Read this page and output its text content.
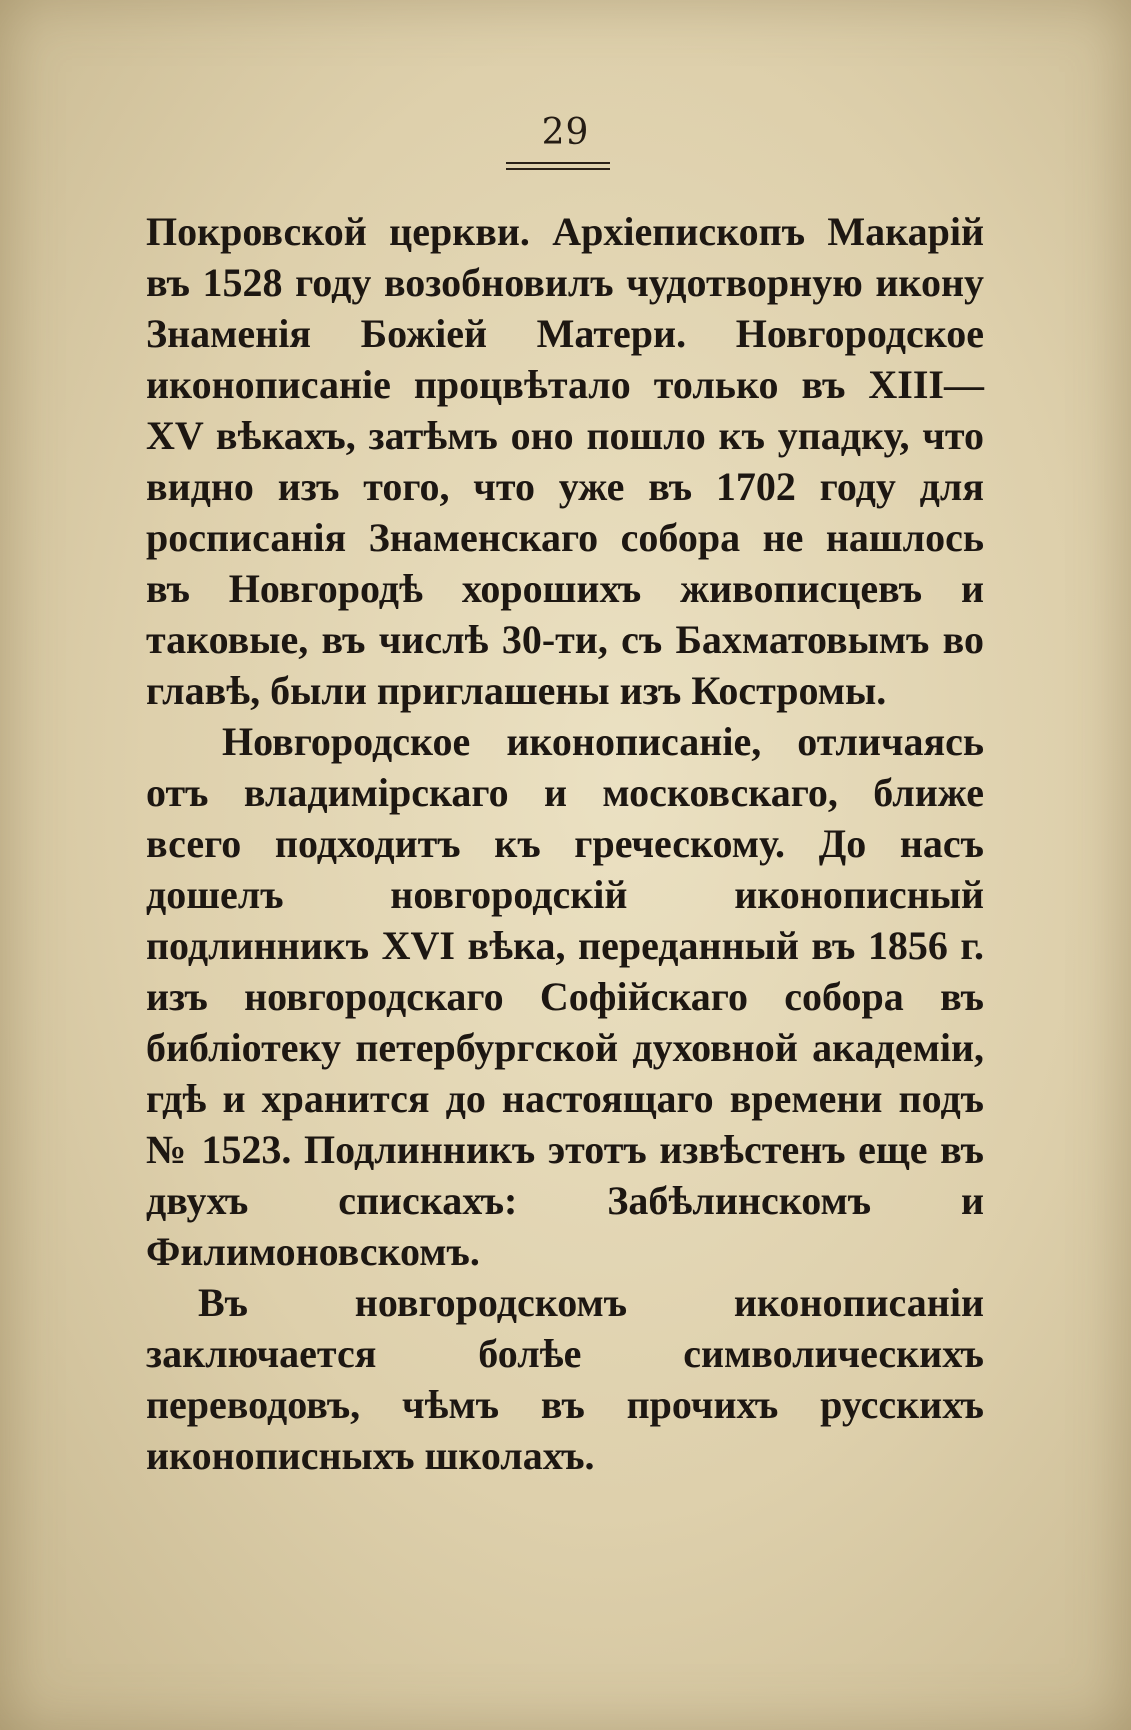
29

Покровской церкви. Архіепископъ Макарій въ 1528 году возобновилъ чудотворную икону Знаменія Божіей Матери. Новгородское иконописаніе процвѣтало только въ XIII—XV вѣкахъ, затѣмъ оно пошло къ упадку, что видно изъ того, что уже въ 1702 году для росписанія Знаменскаго собора не нашлось въ Новгородѣ хорошихъ живописцевъ и таковые, въ числѣ 30-ти, съ Бахматовымъ во главѣ, были приглашены изъ Костромы.

Новгородское иконописаніе, отличаясь отъ владимірскаго и московскаго, ближе всего подходитъ къ греческому. До насъ дошелъ новгородскій иконописный подлинникъ XVI вѣка, переданный въ 1856 г. изъ новгородскаго Софійскаго собора въ библіотеку петербургской духовной академіи, гдѣ и хранится до настоящаго времени подъ № 1523. Подлинникъ этотъ извѣстенъ еще въ двухъ спискахъ: Забѣлинскомъ и Филимоновскомъ.

Въ новгородскомъ иконописаніи заключается болѣе символическихъ переводовъ, чѣмъ въ прочихъ русскихъ иконописныхъ школахъ.
